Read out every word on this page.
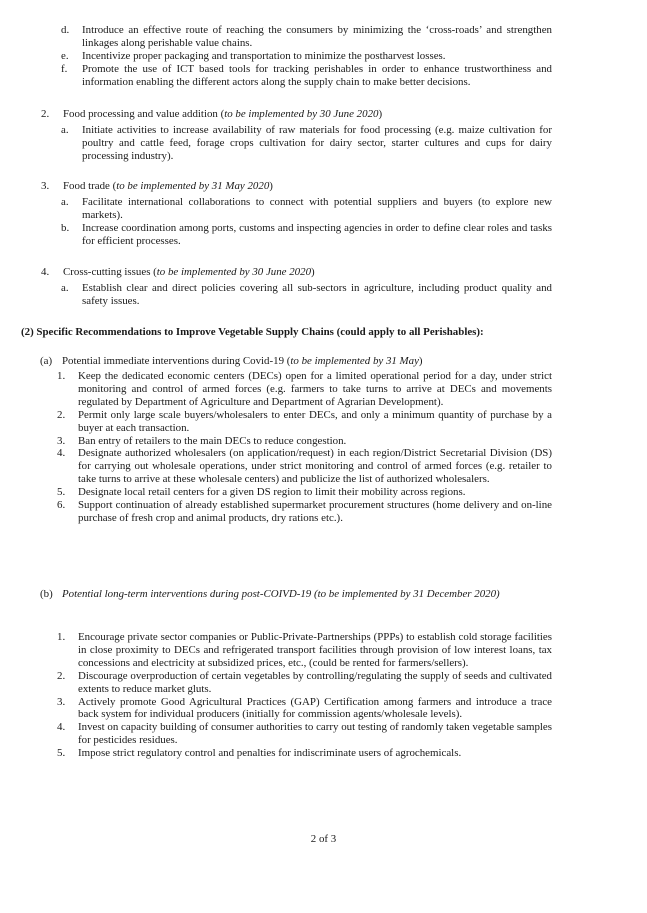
d. Introduce an effective route of reaching the consumers by minimizing the ‘cross-roads’ and strengthen linkages along perishable value chains.
e. Incentivize proper packaging and transportation to minimize the postharvest losses.
f. Promote the use of ICT based tools for tracking perishables in order to enhance trustworthiness and information enabling the different actors along the supply chain to make better decisions.
2. Food processing and value addition (to be implemented by 30 June 2020)
a. Initiate activities to increase availability of raw materials for food processing (e.g. maize cultivation for poultry and cattle feed, forage crops cultivation for dairy sector, starter cultures and cups for dairy processing industry).
3. Food trade (to be implemented by 31 May 2020)
a. Facilitate international collaborations to connect with potential suppliers and buyers (to explore new markets).
b. Increase coordination among ports, customs and inspecting agencies in order to define clear roles and tasks for efficient processes.
4. Cross-cutting issues (to be implemented by 30 June 2020)
a. Establish clear and direct policies covering all sub-sectors in agriculture, including product quality and safety issues.
(2) Specific Recommendations to Improve Vegetable Supply Chains (could apply to all Perishables):
(a) Potential immediate interventions during Covid-19 (to be implemented by 31 May)
1. Keep the dedicated economic centers (DECs) open for a limited operational period for a day, under strict monitoring and control of armed forces (e.g. farmers to take turns to arrive at DECs and movements regulated by Department of Agriculture and Department of Agrarian Development).
2. Permit only large scale buyers/wholesalers to enter DECs, and only a minimum quantity of purchase by a buyer at each transaction.
3. Ban entry of retailers to the main DECs to reduce congestion.
4. Designate authorized wholesalers (on application/request) in each region/District Secretarial Division (DS) for carrying out wholesale operations, under strict monitoring and control of armed forces (e.g. retailer to take turns to arrive at these wholesale centers) and publicize the list of authorized wholesalers.
5. Designate local retail centers for a given DS region to limit their mobility across regions.
6. Support continuation of already established supermarket procurement structures (home delivery and on-line purchase of fresh crop and animal products, dry rations etc.).
(b) Potential long-term interventions during post-COIVD-19 (to be implemented by 31 December 2020)
1. Encourage private sector companies or Public-Private-Partnerships (PPPs) to establish cold storage facilities in close proximity to DECs and refrigerated transport facilities through provision of low interest loans, tax concessions and electricity at subsidized prices, etc., (could be rented for farmers/sellers).
2. Discourage overproduction of certain vegetables by controlling/regulating the supply of seeds and cultivated extents to reduce market gluts.
3. Actively promote Good Agricultural Practices (GAP) Certification among farmers and introduce a trace back system for individual producers (initially for commission agents/wholesale levels).
4. Invest on capacity building of consumer authorities to carry out testing of randomly taken vegetable samples for pesticides residues.
5. Impose strict regulatory control and penalties for indiscriminate users of agrochemicals.
2 of 3
